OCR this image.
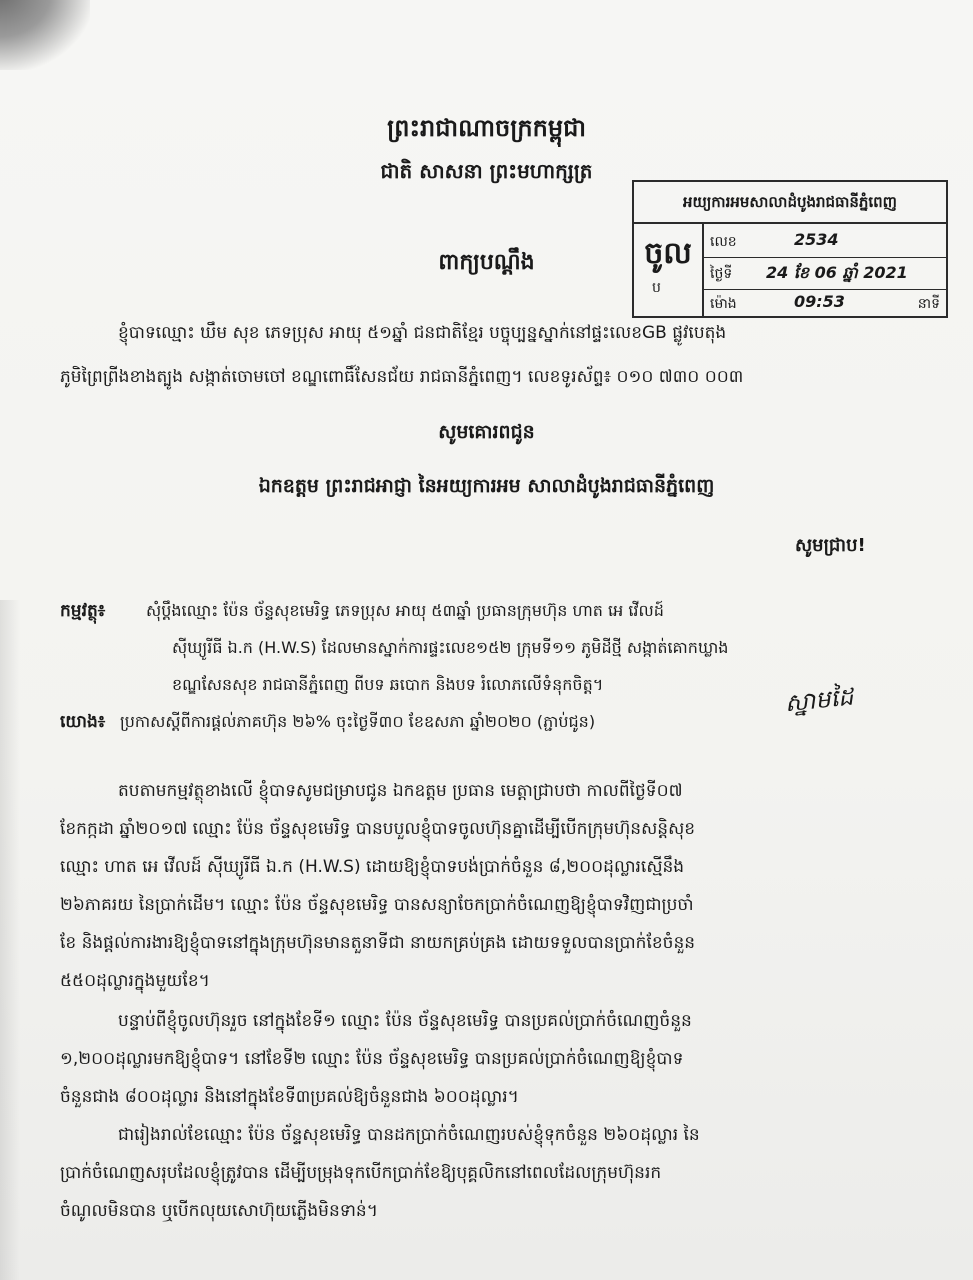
ព្រះរាជាណាចក្រកម្ពុជា
ជាតិ សាសនា ព្រះមហាក្សត្រ
ពាក្យបណ្តឹង
អយ្យការអមសាលាដំបូងរាជធានីភ្នំពេញ
ចូល
ប
លេខ	2534
ថ្ងៃទី 24 ខែ 06 ឆ្នាំ 2021
ម៉ោង	09:53	នាទី
ខ្ញុំបាទឈ្មោះ ឃឹម សុខ ភេទប្រុស អាយុ ៥១ឆ្នាំ ជនជាតិខ្មែរ បច្ចុប្បន្នស្នាក់នៅផ្ទះលេខGB ផ្លូវបេតុង
ភូមិព្រៃព្រីងខាងត្បូង សង្កាត់ចោមចៅ ខណ្ឌពោធិ៍សែនជ័យ រាជធានីភ្នំពេញ។ លេខទូរស័ព្ទ៖ ០១០ ៧៣០ ០០៣
សូមគោរពជូន
ឯកឧត្តម ព្រះរាជអាជ្ញា នៃអយ្យការអម សាលាដំបូងរាជធានីភ្នំពេញ
សូមជ្រាប!
កម្មវត្ថុ៖	សុំប្តឹងឈ្មោះ ប៉ែន ច័ន្ទសុខមេរិទ្ធ ភេទប្រុស អាយុ ៥៣ឆ្នាំ ប្រធានក្រុមហ៊ុន ហាត អេ វើលដ៍
ស៊ីឃ្យូរីធី ឯ.ក (H.W.S) ដែលមានស្នាក់ការផ្ទះលេខ១៥២ ក្រុមទី១១ ភូមិដីថ្មី សង្កាត់គោកឃ្លាង
ខណ្ឌសែនសុខ រាជធានីភ្នំពេញ ពីបទ ឆបោក និងបទ រំលោភលើទំនុកចិត្ត។
យោង៖ ប្រកាសស្តីពីការផ្តល់ភាគហ៊ុន ២៦% ចុះថ្ងៃទី៣០ ខែឧសភា ឆ្នាំ២០២០ (ភ្ជាប់ជូន)
ស្នាមដៃ
តបតាមកម្មវត្ថុខាងលើ ខ្ញុំបាទសូមជម្រាបជូន ឯកឧត្តម ប្រធាន មេត្តាជ្រាបថា កាលពីថ្ងៃទី០៧
ខែកក្កដា ឆ្នាំ២០១៧ ឈ្មោះ ប៉ែន ច័ន្ទសុខមេរិទ្ធ បានបបួលខ្ញុំបាទចូលហ៊ុនគ្នាដើម្បីបើកក្រុមហ៊ុនសន្តិសុខ
ឈ្មោះ ហាត អេ វើលដ៍ ស៊ីឃ្យូរីធី ឯ.ក (H.W.S) ដោយឱ្យខ្ញុំបាទបង់ប្រាក់ចំនួន ៨,២០០ដុល្លារស្មើនឹង
២៦ភាគរយ នៃប្រាក់ដើម។ ឈ្មោះ ប៉ែន ច័ន្ទសុខមេរិទ្ធ បានសន្យាចែកប្រាក់ចំណេញឱ្យខ្ញុំបាទវិញជាប្រចាំ
ខែ និងផ្តល់ការងារឱ្យខ្ញុំបាទនៅក្នុងក្រុមហ៊ុនមានតួនាទីជា នាយកគ្រប់គ្រង ដោយទទួលបានប្រាក់ខែចំនួន
៥៥០ដុល្លារក្នុងមួយខែ។
បន្ទាប់ពីខ្ញុំចូលហ៊ុនរួច នៅក្នុងខែទី១ ឈ្មោះ ប៉ែន ច័ន្ទសុខមេរិទ្ធ បានប្រគល់ប្រាក់ចំណេញចំនួន
១,២០០ដុល្លារមកឱ្យខ្ញុំបាទ។ នៅខែទី២ ឈ្មោះ ប៉ែន ច័ន្ទសុខមេរិទ្ធ បានប្រគល់ប្រាក់ចំណេញឱ្យខ្ញុំបាទ
ចំនួនជាង ៨០០ដុល្លារ និងនៅក្នុងខែទី៣ប្រគល់ឱ្យចំនួនជាង ៦០០ដុល្លារ។
ជារៀងរាល់ខែឈ្មោះ ប៉ែន ច័ន្ទសុខមេរិទ្ធ បានដកប្រាក់ចំណេញរបស់ខ្ញុំទុកចំនួន ២៦០ដុល្លារ នៃ
ប្រាក់ចំណេញសរុបដែលខ្ញុំត្រូវបាន ដើម្បីបម្រុងទុកបើកប្រាក់ខែឱ្យបុគ្គលិកនៅពេលដែលក្រុមហ៊ុនរក
ចំណូលមិនបាន ឬបើកលុយសោហ៊ុយភ្លើងមិនទាន់។
